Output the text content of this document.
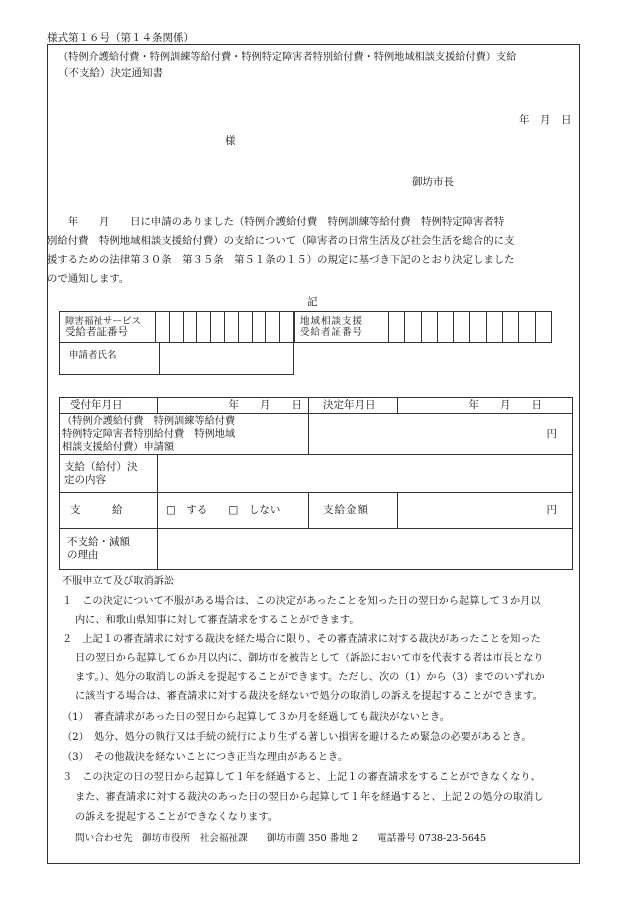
様式第１６号（第１４条関係）
（特例介護給付費・特例訓練等給付費・特例特定障害者特別給付費・特例地域相談支援給付費）支給
（不支給）決定通知書
年　月　日
様
御坊市長
　　年　　月　　日に申請のありました（特例介護給付費　特例訓練等給付費　特例特定障害者特
別給付費　特例地域相談支援給付費）の支給について（障害者の日常生活及び社会生活を総合的に支
援するための法律第３０条　第３５条　第５１条の１５）の規定に基づき下記のとおり決定しました
ので通知します。
記
障害福祉サービス
受給者証番号

地域相談支援
受給者証番号

申請者氏名	
受付年月日	年　　月　　日	決定年月日	年　　月　　日

（特例介護給付費　特例訓練等給付費
特例特定障害者特別給付費　特例地域
相談支援給付費）申請額		円	

支給（給付）決
定の内容			

支　　　給	□　する　　□　しない	支給金額	円

不支給・減額
の理由			

不服申立て及び取消訴訟
１　この決定について不服がある場合は、この決定があったことを知った日の翌日から起算して３か月以
内に、和歌山県知事に対して審査請求をすることができます。
２　上記１の審査請求に対する裁決を経た場合に限り、その審査請求に対する裁決があったことを知った
日の翌日から起算して６か月以内に、御坊市を被告として（訴訟において市を代表する者は市長となり
ます。）、処分の取消しの訴えを提起することができます。ただし、次の（1）から（3）までのいずれか
に該当する場合は、審査請求に対する裁決を経ないで処分の取消しの訴えを提起することができます。
（1）　審査請求があった日の翌日から起算して３か月を経過しても裁決がないとき。
（2）　処分、処分の執行又は手続の続行により生ずる著しい損害を避けるため緊急の必要があるとき。
（3）　その他裁決を経ないことにつき正当な理由があるとき。
３　この決定の日の翌日から起算して１年を経過すると、上記１の審査請求をすることができなくなり、
また、審査請求に対する裁決のあった日の翌日から起算して１年を経過すると、上記２の処分の取消し
の訴えを提起することができなくなります。
問い合わせ先　御坊市役所　社会福祉課　　御坊市薗 350 番地 2　　電話番号 0738-23-5645
